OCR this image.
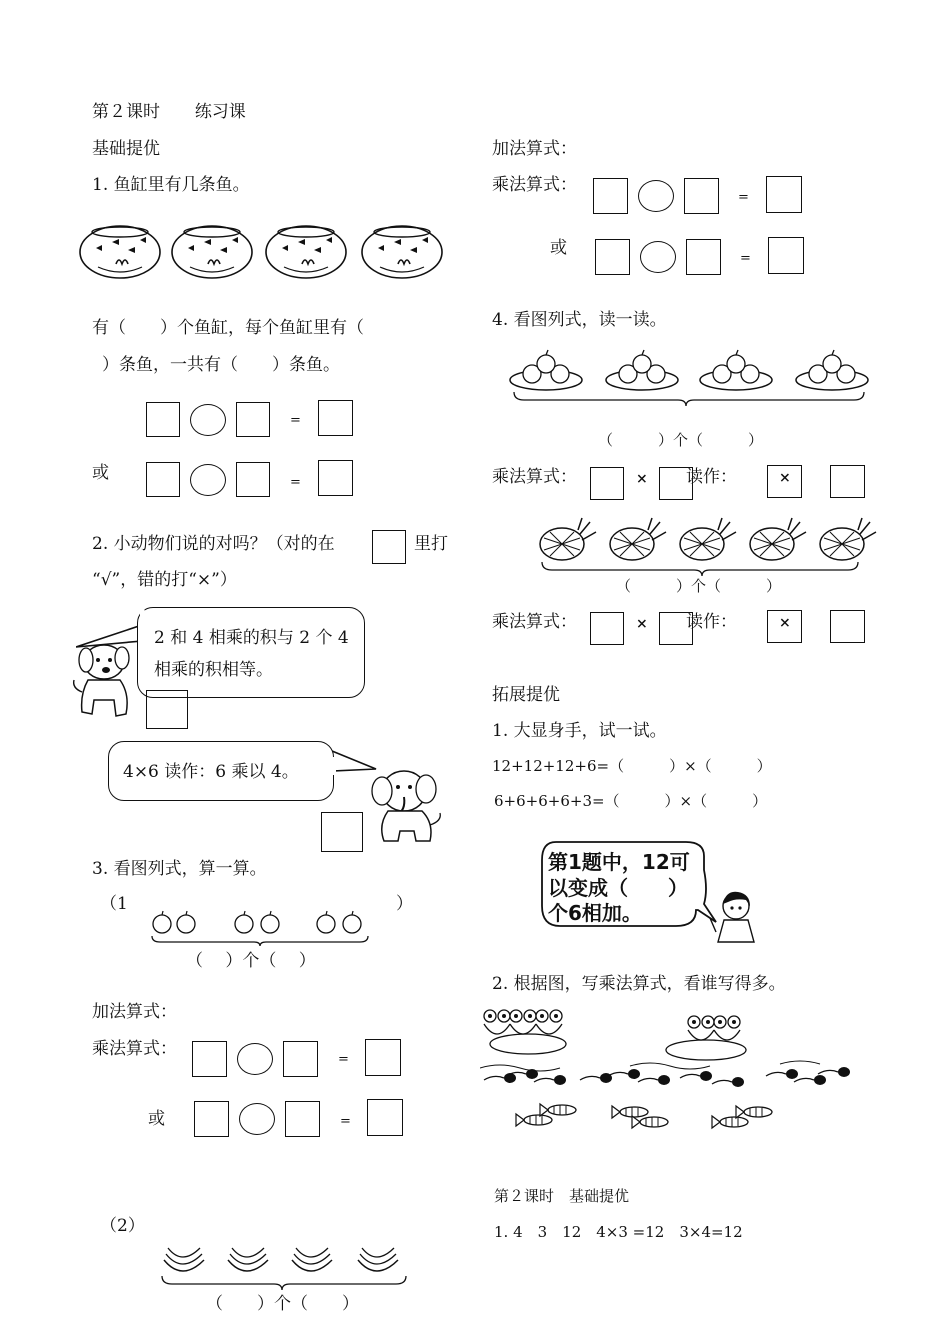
第２课时 练习课
基础提优
1. 鱼缸里有几条鱼。
有（　　）个鱼缸，每个鱼缸里有（
）条鱼，一共有（　　）条鱼。
=
或	=
2. 小动物们说的对吗？（对的在	里打
“√”，错的打“×”）
2 和 4 相乘的积与 2 个 4
相乘的积相等。
4×6 读作：6 乘以 4。
3. 看图列式，算一算。
（1	）
（　 ）个（　 ）
加法算式：
乘法算式：
=
或	=
（2）
（　　）个（　　）
加法算式：
乘法算式：
=
或
=
4. 看图列式，读一读。
（　　　）个（　　　）
乘法算式：	× 读作：	×
（　　　）个（　　　）
乘法算式：	× 读作：	×
拓展提优
1. 大显身手，试一试。
12+12+12+6=（　　　）×（　　　）
6+6+6+6+3=（　　　）×（　　　）
第1题中，12可
以变成（　　）
个6相加。
2. 根据图，写乘法算式，看谁写得多。
第２课时　基础提优
1. 4　3　12　4×3 =12　3×4=12
